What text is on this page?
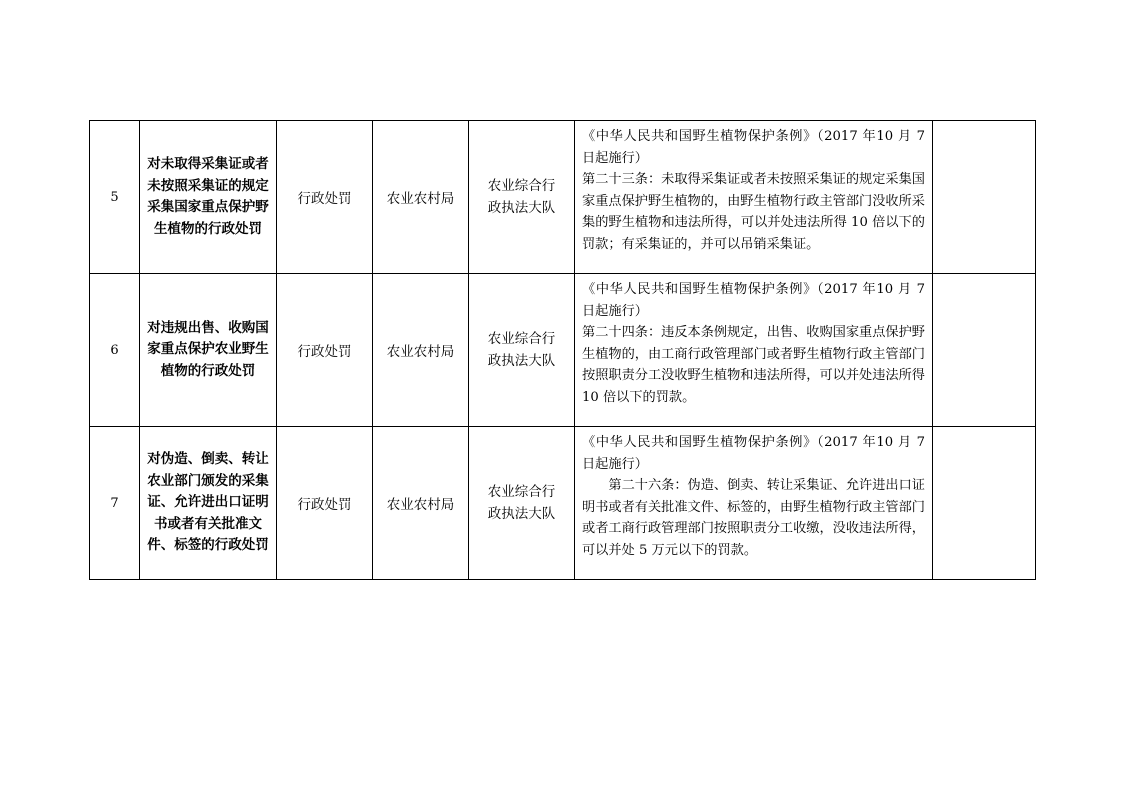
5	对未取得采集证或者未按照采集证的规定采集国家重点保护野生植物的行政处罚	行政处罚	农业农村局	农业综合行政执法大队	《中华人民共和国野生植物保护条例》（2017 年10 月 7 日起施行）
第二十三条：未取得采集证或者未按照采集证的规定采集国家重点保护野生植物的，由野生植物行政主管部门没收所采集的野生植物和违法所得，可以并处违法所得 10 倍以下的罚款；有采集证的，并可以吊销采集证。	

6	对违规出售、收购国家重点保护农业野生植物的行政处罚	行政处罚	农业农村局	农业综合行政执法大队	《中华人民共和国野生植物保护条例》（2017 年10 月 7 日起施行）
第二十四条：违反本条例规定，出售、收购国家重点保护野生植物的，由工商行政管理部门或者野生植物行政主管部门按照职责分工没收野生植物和违法所得，可以并处违法所得 10 倍以下的罚款。	

7	对伪造、倒卖、转让农业部门颁发的采集证、允许进出口证明书或者有关批准文件、标签的行政处罚	行政处罚	农业农村局	农业综合行政执法大队	《中华人民共和国野生植物保护条例》（2017 年10 月 7 日起施行）
　　第二十六条：伪造、倒卖、转让采集证、允许进出口证明书或者有关批准文件、标签的，由野生植物行政主管部门或者工商行政管理部门按照职责分工收缴，没收违法所得，可以并处 5 万元以下的罚款。	
